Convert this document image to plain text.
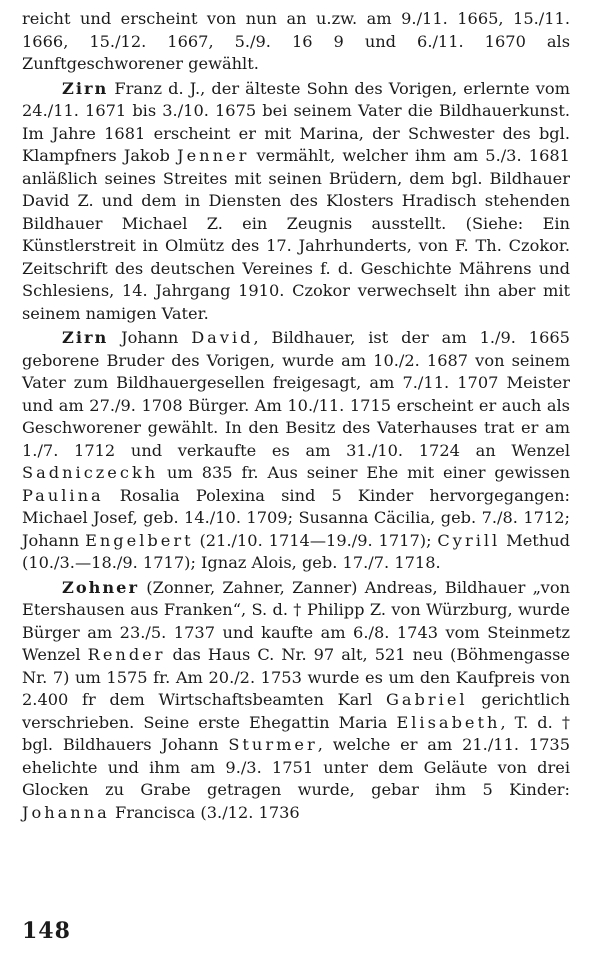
reicht und erscheint von nun an u.zw. am 9./11. 1665, 15./11. 1666, 15./12. 1667, 5./9. 16 9 und 6./11. 1670 als Zunftgeschworener gewählt.

Zirn Franz d. J., der älteste Sohn des Vorigen, erlernte vom 24./11. 1671 bis 3./10. 1675 bei seinem Vater die Bildhauerkunst. Im Jahre 1681 erscheint er mit Marina, der Schwester des bgl. Klampfners Jakob Jenner vermählt, welcher ihm am 5./3. 1681 anläßlich seines Streites mit seinen Brüdern, dem bgl. Bildhauer David Z. und dem in Diensten des Klosters Hradisch stehenden Bildhauer Michael Z. ein Zeugnis ausstellt. (Siehe: Ein Künstlerstreit in Olmütz des 17. Jahrhunderts, von F. Th. Czokor. Zeitschrift des deutschen Vereines f. d. Geschichte Mährens und Schlesiens, 14. Jahrgang 1910. Czokor verwechselt ihn aber mit seinem namigen Vater.

Zirn Johann David, Bildhauer, ist der am 1./9. 1665 geborene Bruder des Vorigen, wurde am 10./2. 1687 von seinem Vater zum Bildhauergesellen freigesagt, am 7./11. 1707 Meister und am 27./9. 1708 Bürger. Am 10./11. 1715 erscheint er auch als Geschworener gewählt. In den Besitz des Vaterhauses trat er am 1./7. 1712 und verkaufte es am 31./10. 1724 an Wenzel Sadniczeckh um 835 fr. Aus seiner Ehe mit einer gewissen Paulina Rosalia Polexina sind 5 Kinder hervorgegangen: Michael Josef, geb. 14./10. 1709; Susanna Cäcilia, geb. 7./8. 1712; Johann Engelbert (21./10. 1714—19./9. 1717); Cyrill Methud (10./3.—18./9. 1717); Ignaz Alois, geb. 17./7. 1718.

Zohner (Zonner, Zahner, Zanner) Andreas, Bildhauer „von Etershausen aus Franken“, S. d. † Philipp Z. von Würzburg, wurde Bürger am 23./5. 1737 und kaufte am 6./8. 1743 vom Steinmetz Wenzel Render das Haus C. Nr. 97 alt, 521 neu (Böhmengasse Nr. 7) um 1575 fr. Am 20./2. 1753 wurde es um den Kaufpreis von 2.400 fr dem Wirtschaftsbeamten Karl Gabriel gerichtlich verschrieben. Seine erste Ehegattin Maria Elisabeth, T. d. † bgl. Bildhauers Johann Sturmer, welche er am 21./11. 1735 ehelichte und ihm am 9./3. 1751 unter dem Geläute von drei Glocken zu Grabe getragen wurde, gebar ihm 5 Kinder: Johanna Francisca (3./12. 1736

148
